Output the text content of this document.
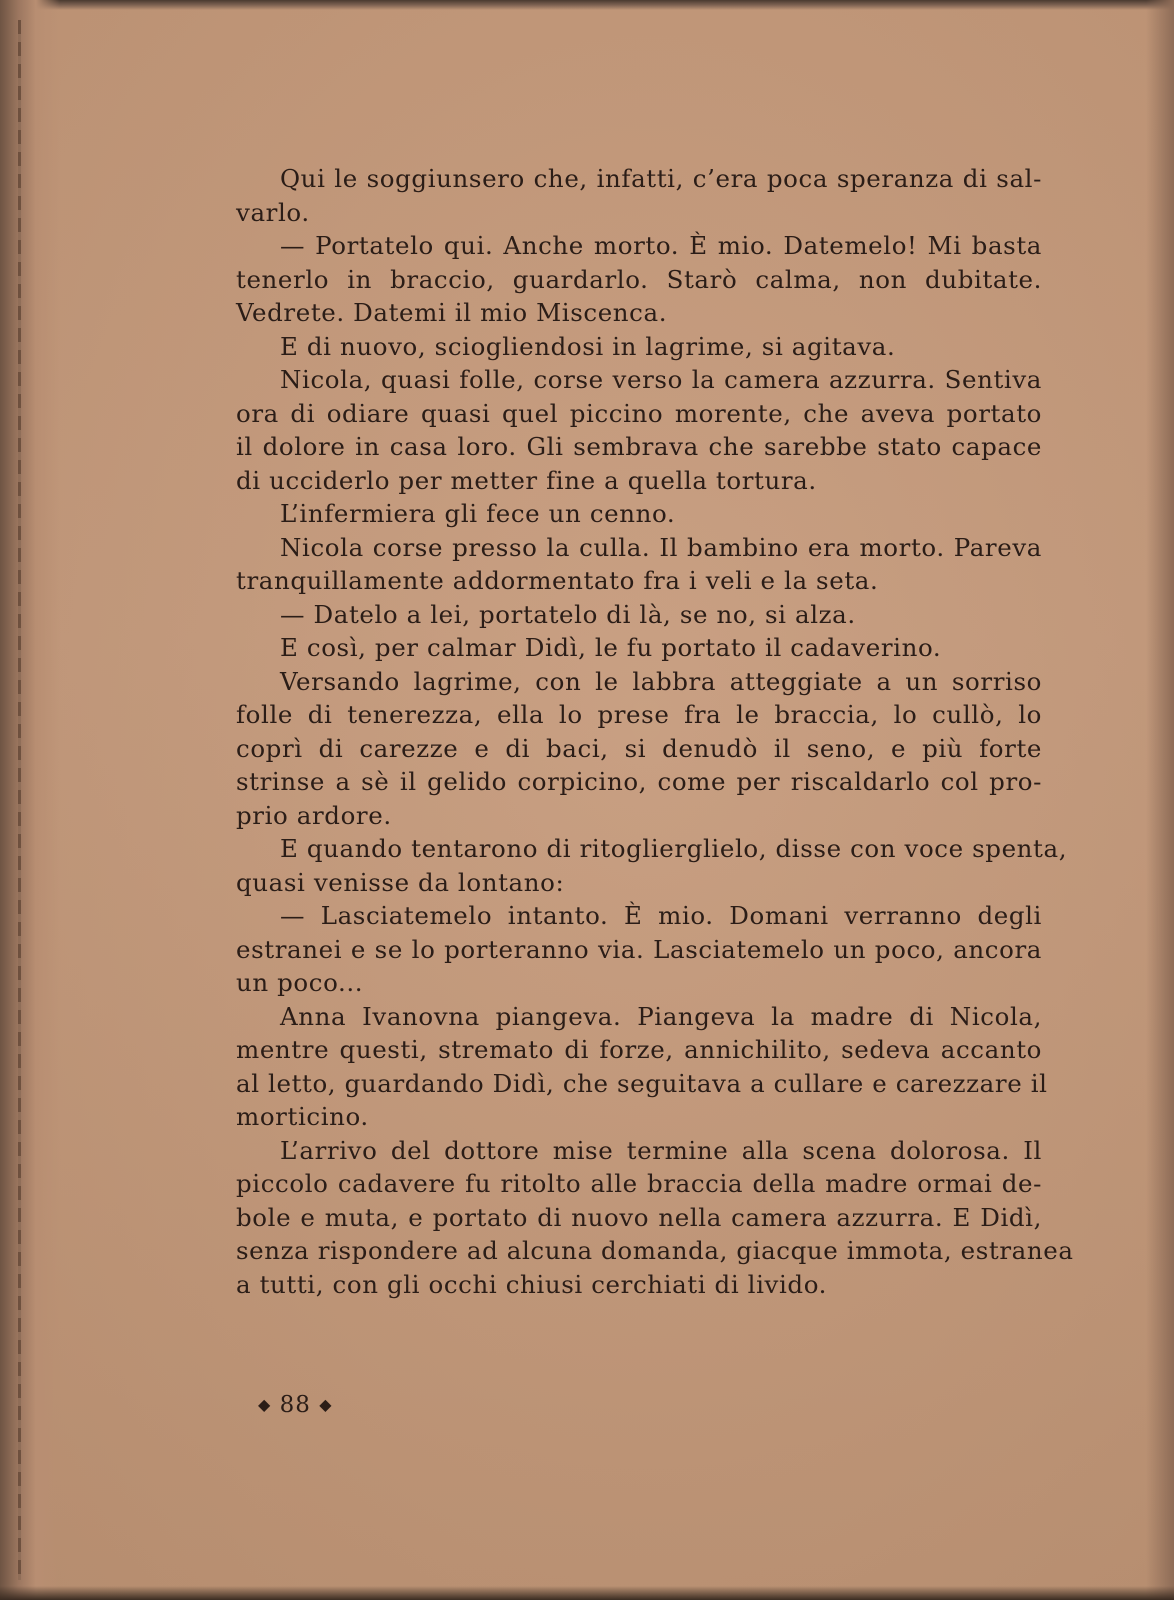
Qui le soggiunsero che, infatti, c’era poca speranza di sal-
varlo.
— Portatelo qui. Anche morto. È mio. Datemelo! Mi basta
tenerlo in braccio, guardarlo. Starò calma, non dubitate.
Vedrete. Datemi il mio Miscenca.
E di nuovo, sciogliendosi in lagrime, si agitava.
Nicola, quasi folle, corse verso la camera azzurra. Sentiva
ora di odiare quasi quel piccino morente, che aveva portato
il dolore in casa loro. Gli sembrava che sarebbe stato capace
di ucciderlo per metter fine a quella tortura.
L’infermiera gli fece un cenno.
Nicola corse presso la culla. Il bambino era morto. Pareva
tranquillamente addormentato fra i veli e la seta.
— Datelo a lei, portatelo di là, se no, si alza.
E così, per calmar Didì, le fu portato il cadaverino.
Versando lagrime, con le labbra atteggiate a un sorriso
folle di tenerezza, ella lo prese fra le braccia, lo cullò, lo
coprì di carezze e di baci, si denudò il seno, e più forte
strinse a sè il gelido corpicino, come per riscaldarlo col pro-
prio ardore.
E quando tentarono di ritoglierglielo, disse con voce spenta,
quasi venisse da lontano:
— Lasciatemelo intanto. È mio. Domani verranno degli
estranei e se lo porteranno via. Lasciatemelo un poco, ancora
un poco...
Anna Ivanovna piangeva. Piangeva la madre di Nicola,
mentre questi, stremato di forze, annichilito, sedeva accanto
al letto, guardando Didì, che seguitava a cullare e carezzare il
morticino.
L’arrivo del dottore mise termine alla scena dolorosa. Il
piccolo cadavere fu ritolto alle braccia della madre ormai de-
bole e muta, e portato di nuovo nella camera azzurra. E Didì,
senza rispondere ad alcuna domanda, giacque immota, estranea
a tutti, con gli occhi chiusi cerchiati di livido.
◆ 88 ◆
